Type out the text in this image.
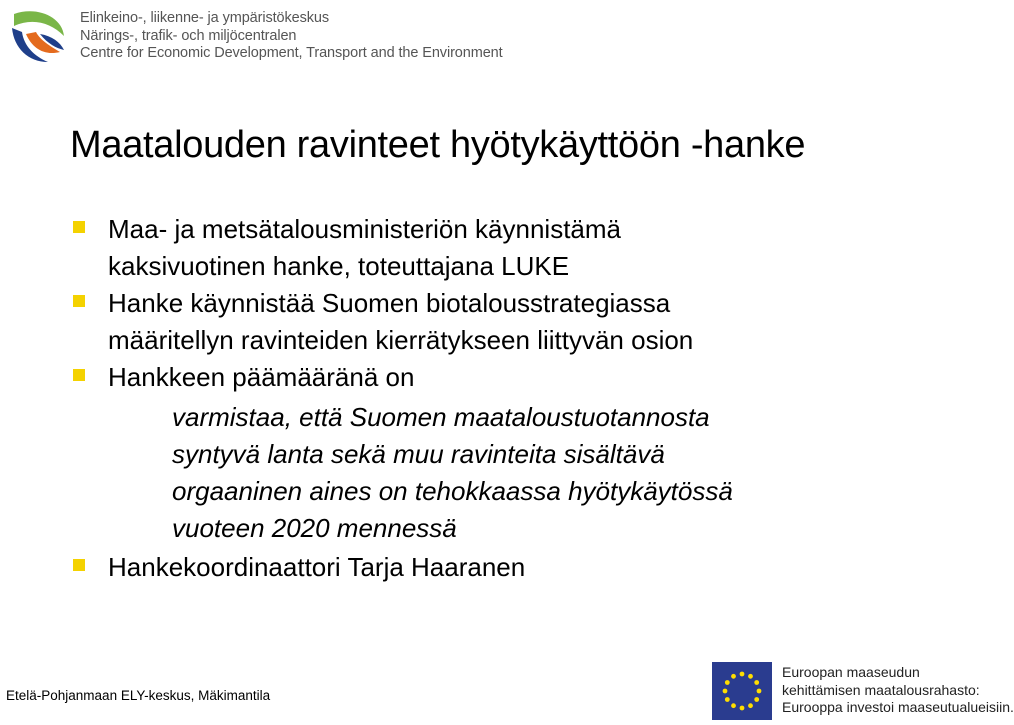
Elinkeino-, liikenne- ja ympäristökeskus
Närings-, trafik- och miljöcentralen
Centre for Economic Development, Transport and the Environment
Maatalouden ravinteet hyötykäyttöön -hanke
Maa- ja metsätalousministeriön käynnistämä
kaksivuotinen hanke, toteuttajana LUKE
Hanke käynnistää Suomen biotalousstrategiassa
määritellyn ravinteiden kierrätykseen liittyvän osion
Hankkeen päämääränä on
varmistaa, että Suomen maataloustuotannosta
syntyvä lanta sekä muu ravinteita sisältävä
orgaaninen aines on tehokkaassa hyötykäytössä
vuoteen 2020 mennessä
Hankekoordinaattori Tarja Haaranen
Etelä-Pohjanmaan ELY-keskus, Mäkimantila
Euroopan maaseudun
kehittämisen maatalousrahasto:
Eurooppa investoi maaseutualueisiin.
